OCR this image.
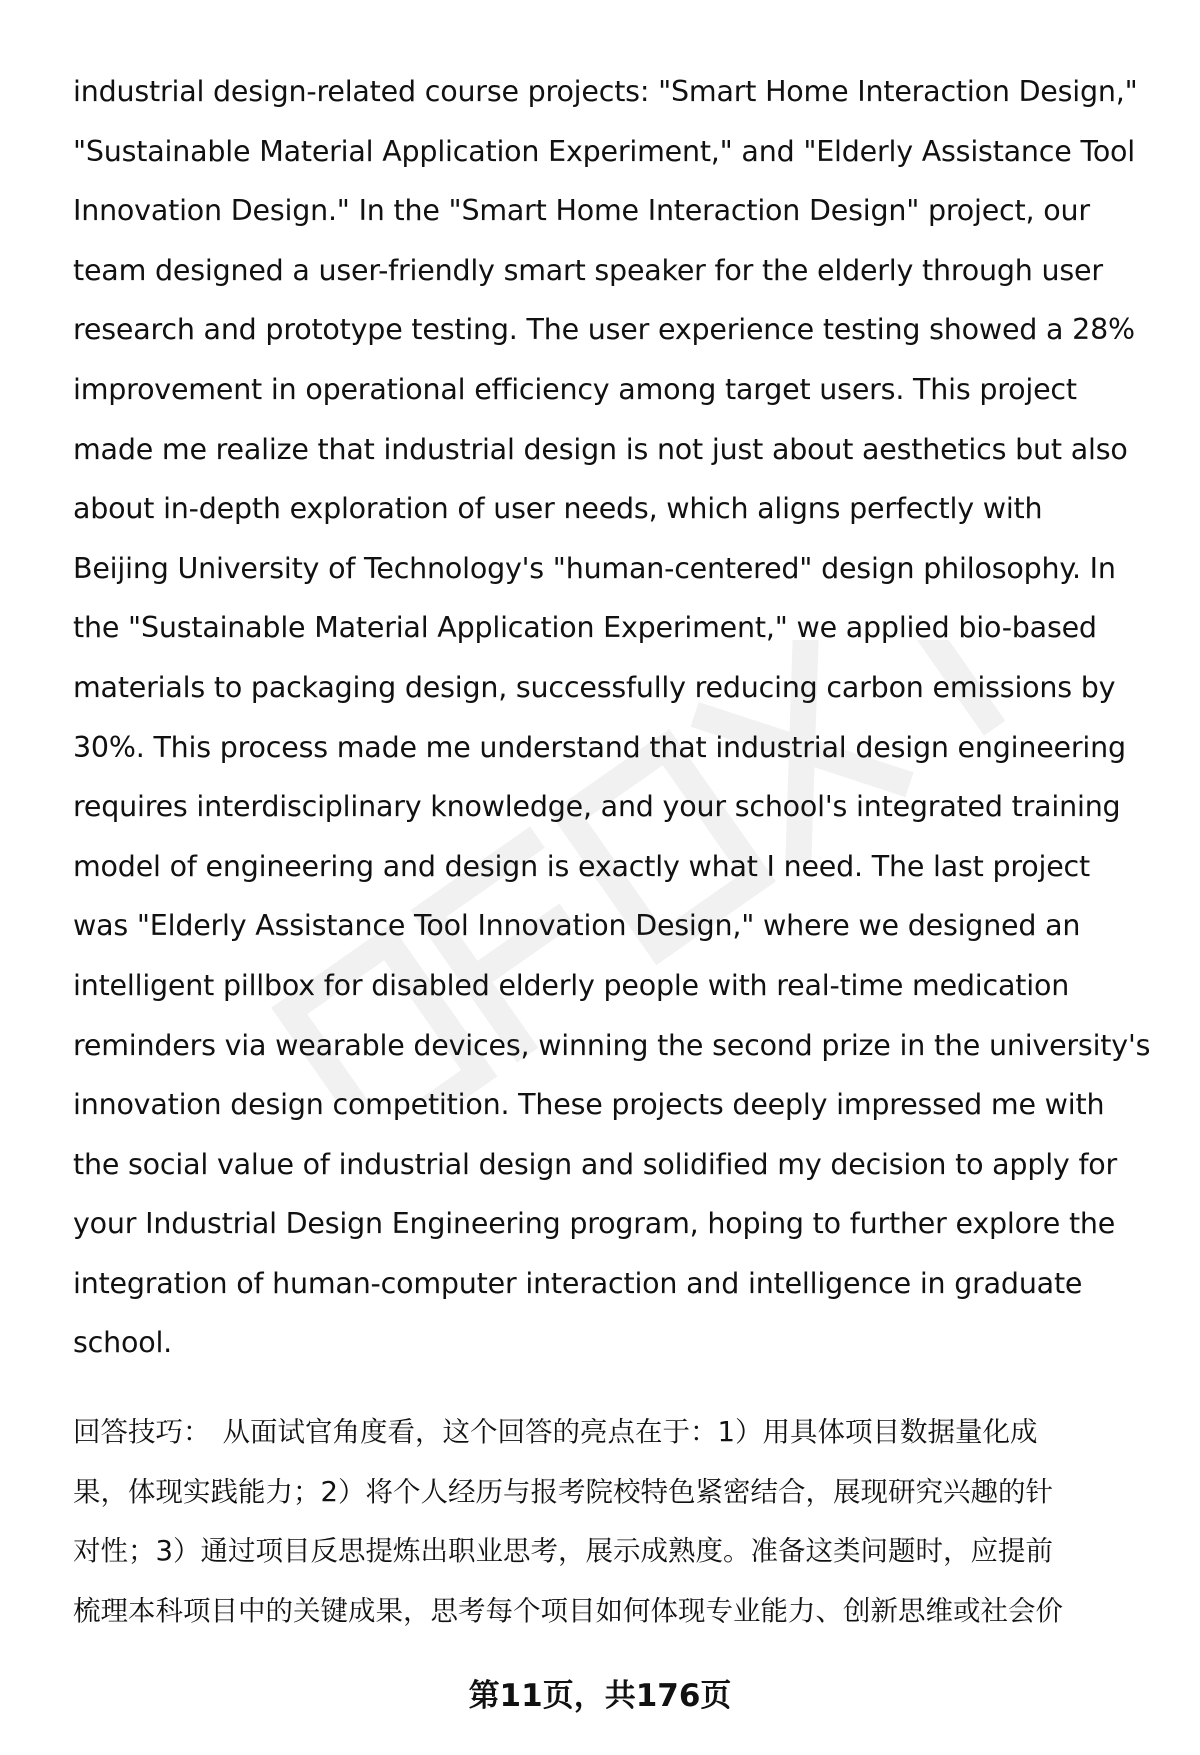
industrial design-related course projects: "Smart Home Interaction Design,"
"Sustainable Material Application Experiment," and "Elderly Assistance Tool
Innovation Design." In the "Smart Home Interaction Design" project, our
team designed a user-friendly smart speaker for the elderly through user
research and prototype testing. The user experience testing showed a 28%
improvement in operational efficiency among target users. This project
made me realize that industrial design is not just about aesthetics but also
about in-depth exploration of user needs, which aligns perfectly with
Beijing University of Technology's "human-centered" design philosophy. In
the "Sustainable Material Application Experiment," we applied bio-based
materials to packaging design, successfully reducing carbon emissions by
30%. This process made me understand that industrial design engineering
requires interdisciplinary knowledge, and your school's integrated training
model of engineering and design is exactly what I need. The last project
was "Elderly Assistance Tool Innovation Design," where we designed an
intelligent pillbox for disabled elderly people with real-time medication
reminders via wearable devices, winning the second prize in the university's
innovation design competition. These projects deeply impressed me with
the social value of industrial design and solidified my decision to apply for
your Industrial Design Engineering program, hoping to further explore the
integration of human-computer interaction and intelligence in graduate
school.

回答技巧： 从面试官角度看，这个回答的亮点在于：1）用具体项目数据量化成
果，体现实践能力；2）将个人经历与报考院校特色紧密结合，展现研究兴趣的针
对性；3）通过项目反思提炼出职业思考，展示成熟度。准备这类问题时，应提前
梳理本科项目中的关键成果，思考每个项目如何体现专业能力、创新思维或社会价

第11页，共176页
